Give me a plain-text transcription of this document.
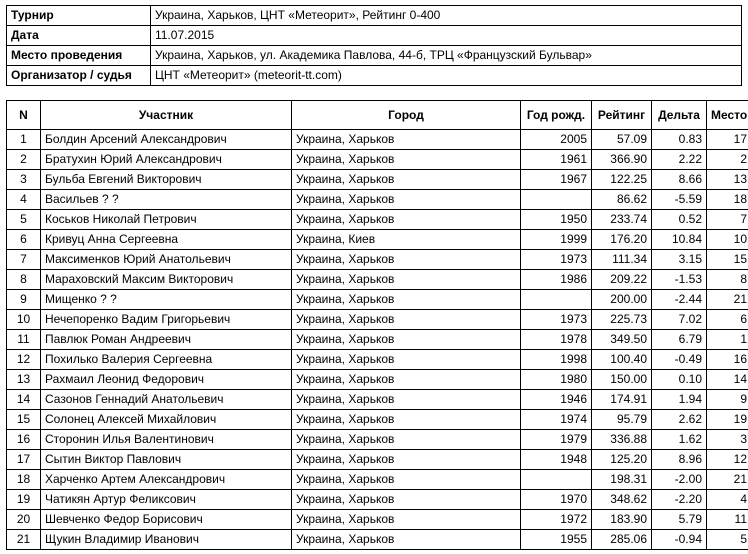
Турнир	Украина, Харьков, ЦНТ «Метеорит», Рейтинг 0-400
Дата	11.07.2015
Место проведения	Украина, Харьков, ул. Академика Павлова, 44-б, ТРЦ «Французский Бульвар»
Организатор / судья	ЦНТ «Метеорит» (meteorit-tt.com)
N	Участник	Город	Год рожд.	Рейтинг	Дельта	Место
1	Болдин Арсений Александрович	Украина, Харьков	2005	57.09	0.83	17
2	Братухин Юрий Александрович	Украина, Харьков	1961	366.90	2.22	2
3	Бульба Евгений Викторович	Украина, Харьков	1967	122.25	8.66	13
4	Васильев ? ?	Украина, Харьков		86.62	-5.59	18
5	Коськов Николай Петрович	Украина, Харьков	1950	233.74	0.52	7
6	Кривуц Анна Сергеевна	Украина, Киев	1999	176.20	10.84	10
7	Максименков Юрий Анатольевич	Украина, Харьков	1973	111.34	3.15	15
8	Мараховский Максим Викторович	Украина, Харьков	1986	209.22	-1.53	8
9	Мищенко ? ?	Украина, Харьков		200.00	-2.44	21
10	Нечепоренко Вадим Григорьевич	Украина, Харьков	1973	225.73	7.02	6
11	Павлюк Роман Андреевич	Украина, Харьков	1978	349.50	6.79	1
12	Похилько Валерия Сергеевна	Украина, Харьков	1998	100.40	-0.49	16
13	Рахмаил Леонид Федорович	Украина, Харьков	1980	150.00	0.10	14
14	Сазонов Геннадий Анатольевич	Украина, Харьков	1946	174.91	1.94	9
15	Солонец Алексей Михайлович	Украина, Харьков	1974	95.79	2.62	19
16	Сторонин Илья Валентинович	Украина, Харьков	1979	336.88	1.62	3
17	Сытин Виктор Павлович	Украина, Харьков	1948	125.20	8.96	12
18	Харченко Артем Александрович	Украина, Харьков		198.31	-2.00	21
19	Чатикян Артур Феликсович	Украина, Харьков	1970	348.62	-2.20	4
20	Шевченко Федор Борисович	Украина, Харьков	1972	183.90	5.79	11
21	Щукин Владимир Иванович	Украина, Харьков	1955	285.06	-0.94	5
